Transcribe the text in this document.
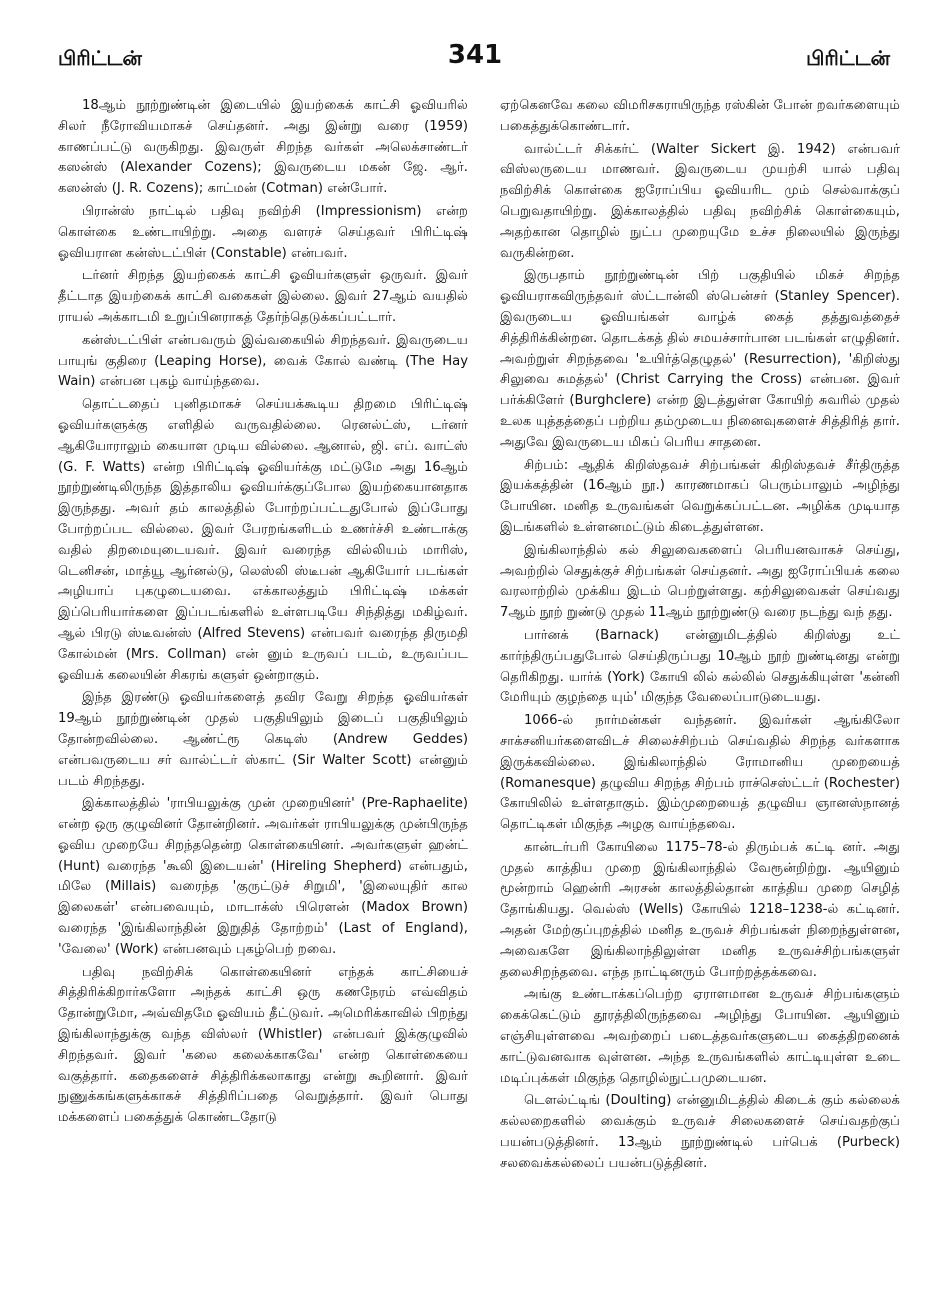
பிரிட்டன்	341	பிரிட்டன்

18ஆம் நூற்றுண்டின் இடையில் இயற்கைக் காட்சி ஓவியரில் சிலர் நீரோவியமாகச் செய்தனர். அது இன்று வரை (1959) காணப்பட்டு வருகிறது. இவருள் சிறந்த வர்கள் அலெக்சாண்டர் கஸன்ஸ் (Alexander Cozens); இவருடைய மகன் ஜே. ஆர். கஸன்ஸ் (J. R. Cozens); காட்மன் (Cotman) என்போர்.

பிரான்ஸ் நாட்டில் பதிவு நவிற்சி (Impressionism) என்ற கொள்கை உண்டாயிற்று. அதை வளரச் செய்தவர் பிரிட்டிஷ் ஓவியரான கன்ஸ்டட்பிள் (Constable) என்பவர்.

டர்னர் சிறந்த இயற்கைக் காட்சி ஓவியர்களுள் ஒருவர். இவர் தீட்டாத இயற்கைக் காட்சி வகைகள் இல்லை. இவர் 27ஆம் வயதில் ராயல் அக்காடமி உறுப்பினராகத் தேர்ந்தெடுக்கப்பட்டார்.

கன்ஸ்டட்பிள் என்பவரும் இவ்வகையில் சிறந்தவர். இவருடைய பாயுங் குதிரை (Leaping Horse), வைக் கோல் வண்டி (The Hay Wain) என்பன புகழ் வாய்ந்தவை.

தொட்டதைப் புனிதமாகச் செய்யக்கூடிய திறமை பிரிட்டிஷ் ஓவியர்களுக்கு எளிதில் வருவதில்லை. ரெனல்ட்ஸ், டர்னர் ஆகியோராலும் கையாள முடிய வில்லை. ஆனால், ஜி. எப். வாட்ஸ் (G. F. Watts) என்ற பிரிட்டிஷ் ஓவியர்க்கு மட்டுமே அது 16ஆம் நூற்றுண்டிலிருந்த இத்தாலிய ஓவியர்க்குப்போல இயற்கையானதாக இருந்தது. அவர் தம் காலத்தில் போற்றப்பட்டதுபோல் இப்போது போற்றப்பட வில்லை. இவர் பேரறங்களிடம் உணர்ச்சி உண்டாக்கு வதில் திறமையுடையவர். இவர் வரைந்த வில்லியம் மாரிஸ், டெனிசன், மாத்யூ ஆர்னல்டு, லெஸ்லி ஸ்டீபன் ஆகியோர் படங்கள் அழியாப் புகழுடையவை. எக்காலத்தும் பிரிட்டிஷ் மக்கள் இப்பெரியார்களை இப்படங்களில் உள்ளபடியே சிந்தித்து மகிழ்வர். ஆல் பிரடு ஸ்டீவன்ஸ் (Alfred Stevens) என்பவர் வரைந்த திருமதி கோல்மன் (Mrs. Collman) என் னும் உருவப் படம், உருவப்பட ஓவியக் கலையின் சிகரங் களுள் ஒன்றாகும்.

இந்த இரண்டு ஓவியர்களைத் தவிர வேறு சிறந்த ஓவியர்கள் 19ஆம் நூற்றுண்டின் முதல் பகுதியிலும் இடைப் பகுதியிலும் தோன்றவில்லை. ஆண்ட்ரூ கெடிஸ் (Andrew Geddes) என்பவருடைய சர் வால்ட்டர் ஸ்காட் (Sir Walter Scott) என்னும் படம் சிறந்தது.

இக்காலத்தில் 'ராபியலுக்கு முன் முறையினர்' (Pre-Raphaelite) என்ற ஒரு குழுவினர் தோன்றினர். அவர்கள் ராபியலுக்கு முன்பிருந்த ஓவிய முறையே சிறந்ததென்ற கொள்கையினர். அவர்களுள் ஹன்ட் (Hunt) வரைந்த 'கூலி இடையன்' (Hireling Shepherd) என்பதும், மிலே (Millais) வரைந்த 'குருட்டுச் சிறுமி', 'இலையுதிர் கால இலைகள்' என்பவையும், மாடாக்ஸ் பிரௌன் (Madox Brown) வரைந்த 'இங்கிலாந்தின் இறுதித் தோற்றம்' (Last of England), 'வேலை' (Work) என்பனவும் புகழ்பெற் றவை.

பதிவு நவிற்சிக் கொள்கையினர் எந்தக் காட்சியைச் சித்திரிக்கிறார்களோ அந்தக் காட்சி ஒரு கணநேரம் எவ்விதம் தோன்றுமோ, அவ்விதமே ஓவியம் தீட்டுவர். அமெரிக்காவில் பிறந்து இங்கிலாந்துக்கு வந்த விஸ்லர் (Whistler) என்பவர் இக்குழுவில் சிறந்தவர். இவர் 'கலை கலைக்காகவே' என்ற கொள்கையை வகுத்தார். கதைகளைச் சித்திரிக்கலாகாது என்று கூறினார். இவர் நுணுக்கங்களுக்காகச் சித்திரிப்பதை வெறுத்தார். இவர் பொது மக்களைப் பகைத்துக் கொண்டதோடு

ஏற்கெனவே கலை விமரிசகராயிருந்த ரஸ்கின் போன் றவர்களையும் பகைத்துக்கொண்டார்.

வால்ட்டர் சிக்கர்ட் (Walter Sickert இ. 1942) என்பவர் விஸ்லருடைய மாணவர். இவருடைய முயற்சி யால் பதிவு நவிற்சிக் கொள்கை ஐரோப்பிய ஓவியரிட மும் செல்வாக்குப் பெறுவதாயிற்று. இக்காலத்தில் பதிவு நவிற்சிக் கொள்கையும், அதற்கான தொழில் நுட்ப முறையுமே உச்ச நிலையில் இருந்து வருகின்றன.

இருபதாம் நூற்றுண்டின் பிற் பகுதியில் மிகச் சிறந்த ஓவியராகவிருந்தவர் ஸ்ட்டான்லி ஸ்பென்சர் (Stanley Spencer). இவருடைய ஓவியங்கள் வாழ்க் கைத் தத்துவத்தைச் சித்திரிக்கின்றன. தொடக்கத் தில் சமயச்சார்பான படங்கள் எழுதினர். அவற்றுள் சிறந்தவை 'உயிர்த்தெழுதல்' (Resurrection), 'கிறிஸ்து சிலுவை சுமத்தல்' (Christ Carrying the Cross) என்பன. இவர் பர்க்கிளேர் (Burghclere) என்ற இடத்துள்ள கோயிற் சுவரில் முதல் உலக யுத்தத்தைப் பற்றிய தம்முடைய நினைவுகளைச் சித்திரித் தார். அதுவே இவருடைய மிகப் பெரிய சாதனை.

சிற்பம்: ஆதிக் கிறிஸ்தவச் சிற்பங்கள் கிறிஸ்தவச் சீர்திருத்த இயக்கத்தின் (16ஆம் நூ.) காரணமாகப் பெரும்பாலும் அழிந்து போயின. மனித உருவங்கள் வெறுக்கப்பட்டன. அழிக்க முடியாத இடங்களில் உள்ளனமட்டும் கிடைத்துள்ளன.

இங்கிலாந்தில் கல் சிலுவைகளைப் பெரியனவாகச் செய்து, அவற்றில் செதுக்குச் சிற்பங்கள் செய்தனர். அது ஐரோப்பியக் கலை வரலாற்றில் முக்கிய இடம் பெற்றுள்ளது. கற்சிலுவைகள் செய்வது 7ஆம் நூற் றுண்டு முதல் 11ஆம் நூற்றுண்டு வரை நடந்து வந் தது.

பார்னக் (Barnack) என்னுமிடத்தில் கிறிஸ்து உட் கார்ந்திருப்பதுபோல் செய்திருப்பது 10ஆம் நூற் றுண்டினது என்று தெரிகிறது. யார்க் (York) கோயி லில் கல்லில் செதுக்கியுள்ள 'கன்னி மேரியும் குழந்தை யும்' மிகுந்த வேலைப்பாடுடையது.

1066-ல் நார்மன்கள் வந்தனர். இவர்கள் ஆங்கிலோ சாக்சனியர்களைவிடச் சிலைச்சிற்பம் செய்வதில் சிறந்த வர்களாக இருக்கவில்லை. இங்கிலாந்தில் ரோமானிய முறையைத் (Romanesque) தழுவிய சிறந்த சிற்பம் ராச்செஸ்ட்டர் (Rochester) கோயிலில் உள்ளதாகும். இம்முறையைத் தழுவிய ஞானஸ்நானத் தொட்டிகள் மிகுந்த அழகு வாய்ந்தவை.

கான்டர்பரி கோயிலை 1175–78-ல் திரும்பக் கட்டி னர். அது முதல் காத்திய முறை இங்கிலாந்தில் வேரூன்றிற்று. ஆயினும் மூன்றாம் ஹென்ரி அரசன் காலத்தில்தான் காத்திய முறை செழித் தோங்கியது. வெல்ஸ் (Wells) கோயில் 1218–1238-ல் கட்டினர். அதன் மேற்குப்புறத்தில் மனித உருவச் சிற்பங்கள் நிறைந்துள்ளன, அவைகளே இங்கிலாந்திலுள்ள மனித உருவச்சிற்பங்களுள் தலைசிறந்தவை. எந்த நாட்டினரும் போற்றத்தக்கவை.

அங்கு உண்டாக்கப்பெற்ற ஏராளமான உருவச் சிற்பங்களும் கைக்கெட்டும் தூரத்திலிருந்தவை அழிந்து போயின. ஆயினும் எஞ்சியுள்ளவை அவற்றைப் படைத்தவர்களுடைய கைத்திறனைக் காட்டுவனவாக வுள்ளன. அந்த உருவங்களில் காட்டியுள்ள உடை மடிப்புக்கள் மிகுந்த தொழில்நுட்பமுடையன.

டௌல்ட்டிங் (Doulting) என்னுமிடத்தில் கிடைக் கும் கல்லைக் கல்லறைகளில் வைக்கும் உருவச் சிலைகளைச் செய்வதற்குப் பயன்படுத்தினர். 13ஆம் நூற்றுண்டில் பர்பெக் (Purbeck) சலவைக்கல்லைப் பயன்படுத்தினர்.
